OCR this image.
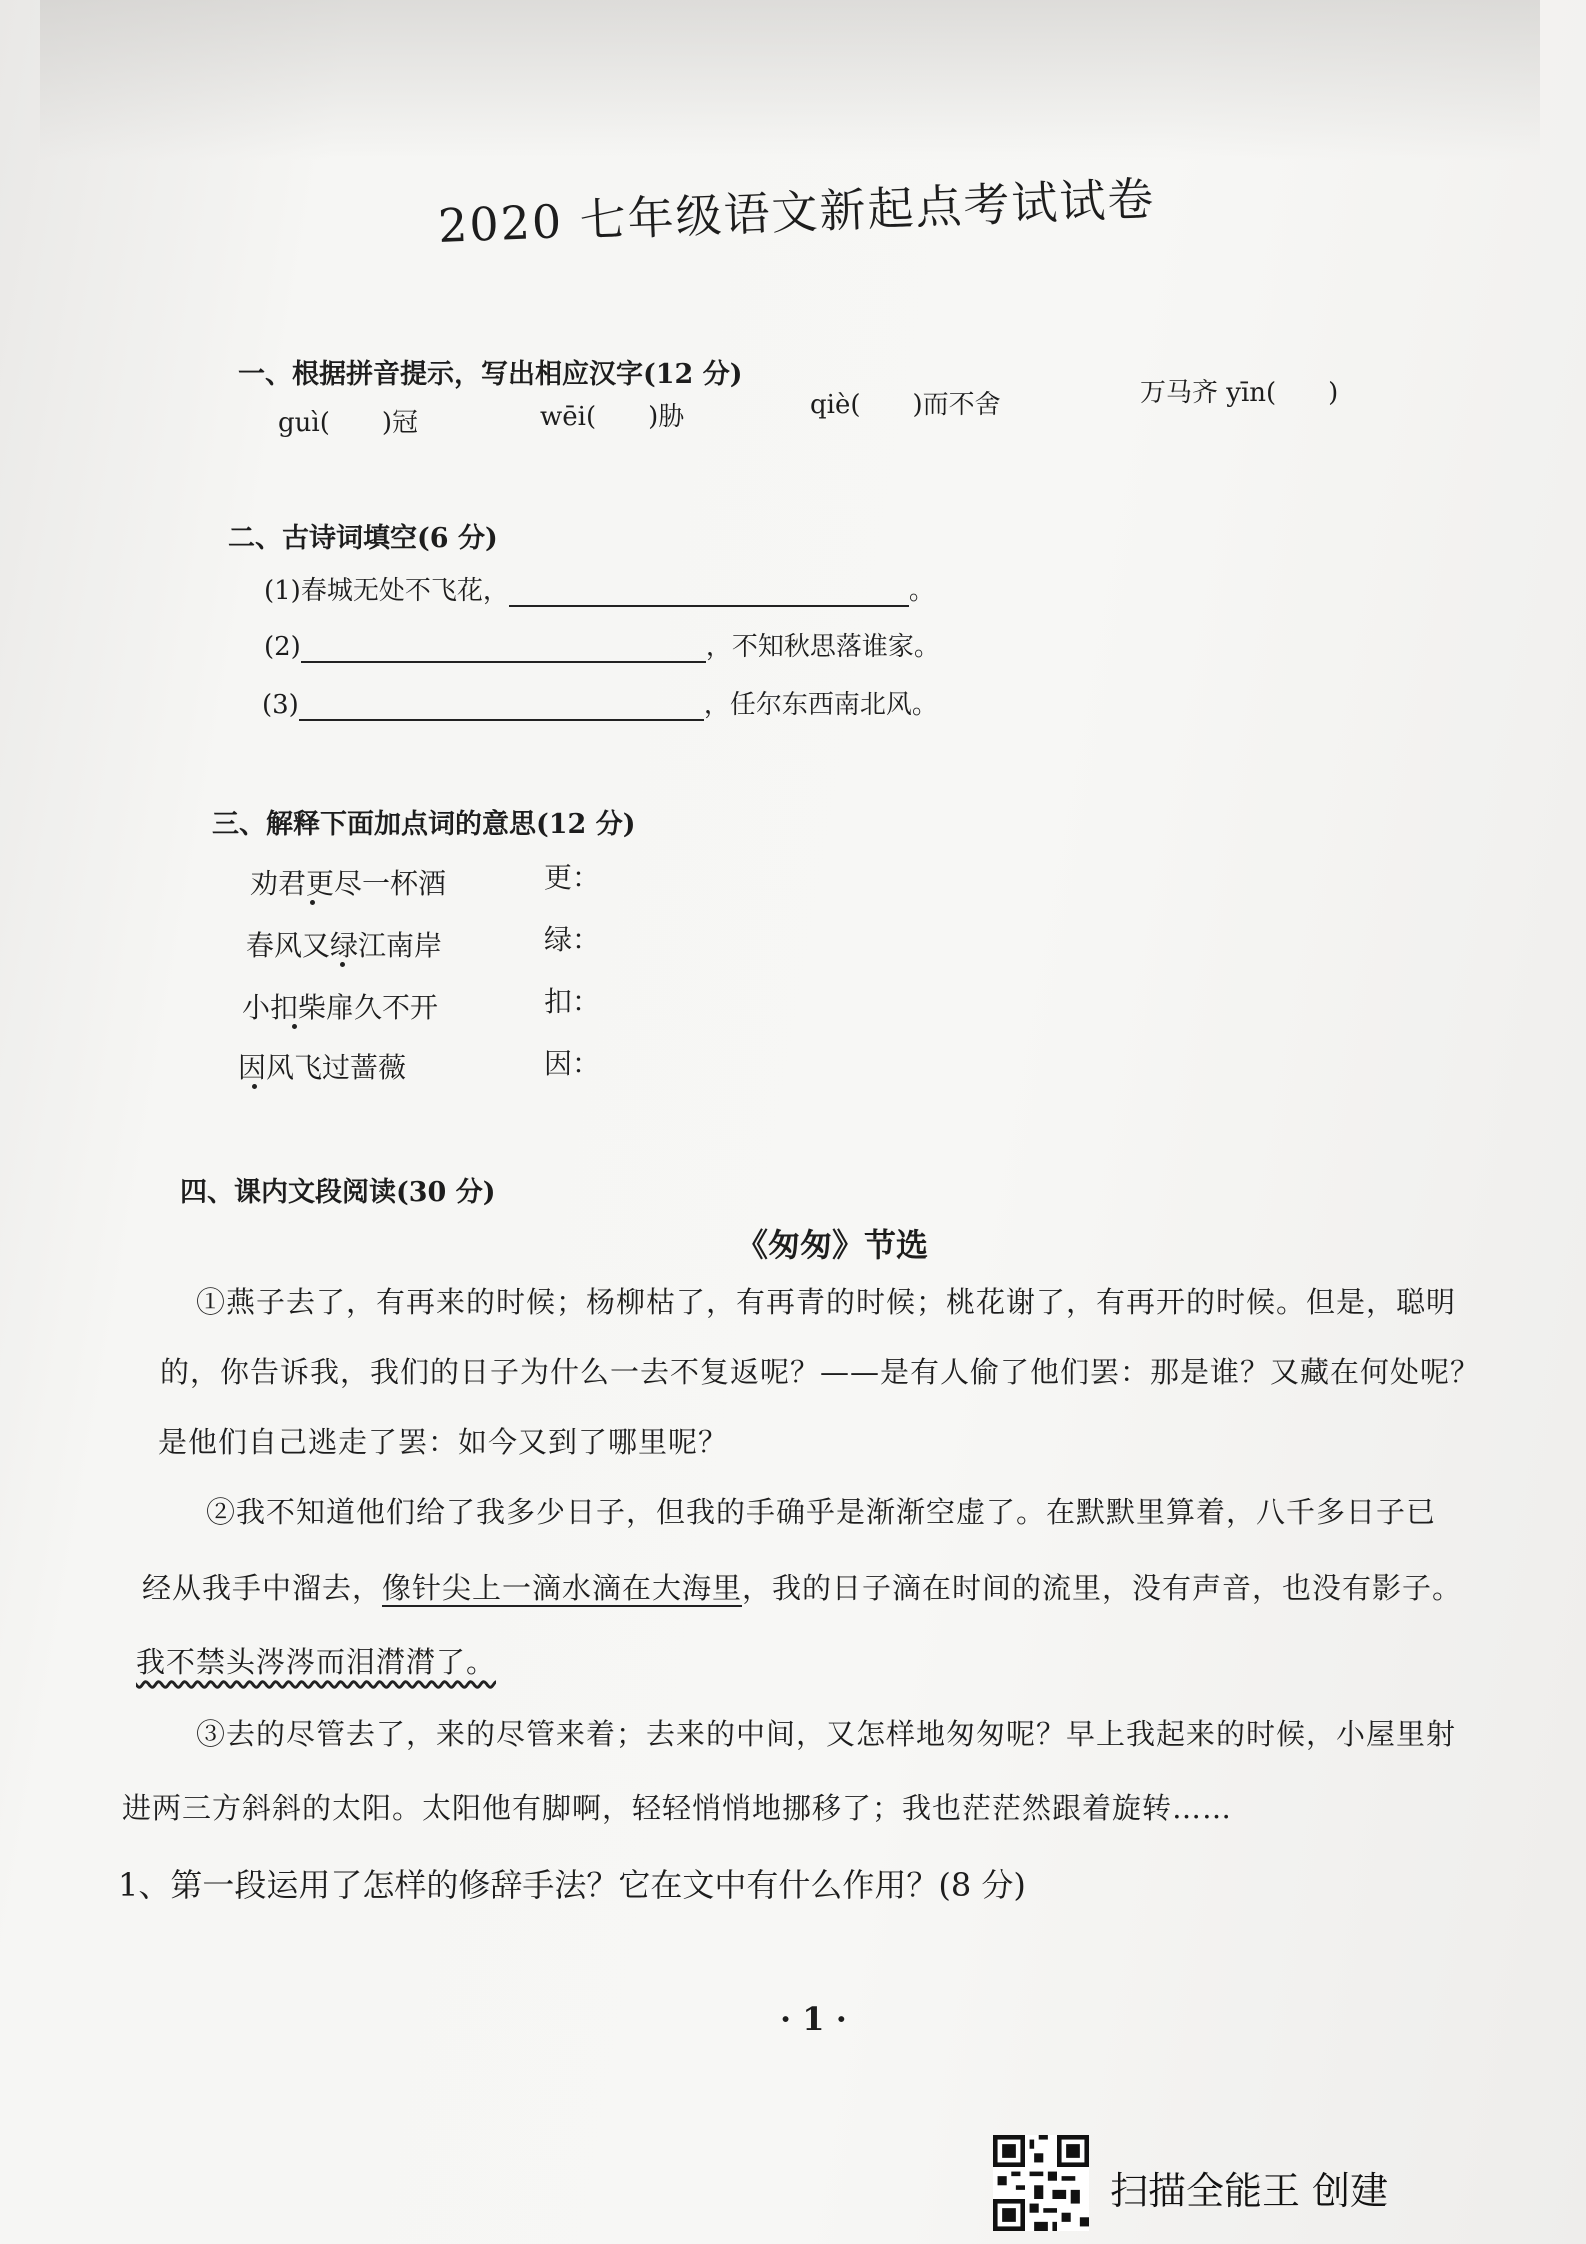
2020 七年级语文新起点考试试卷
一、根据拼音提示，写出相应汉字(12 分)
guì(　　)冠	wēi(　　)胁	qiè(　　)而不舍	万马齐 yīn(　　)
二、古诗词填空(6 分)
(1)春城无处不飞花，	。
(2)	，不知秋思落谁家。
(3)	，任尔东西南北风。
三、解释下面加点词的意思(12 分)
劝君更尽一杯酒	更：
春风又绿江南岸	绿：
小扣柴扉久不开	扣：
因风飞过蔷薇	因：
四、课内文段阅读(30 分)
《匆匆》节选
①燕子去了，有再来的时候；杨柳枯了，有再青的时候；桃花谢了，有再开的时候。但是，聪明
的，你告诉我，我们的日子为什么一去不复返呢？——是有人偷了他们罢：那是谁？又藏在何处呢？
是他们自己逃走了罢：如今又到了哪里呢？
②我不知道他们给了我多少日子，但我的手确乎是渐渐空虚了。在默默里算着，八千多日子已
经从我手中溜去，像针尖上一滴水滴在大海里，我的日子滴在时间的流里，没有声音，也没有影子。
我不禁头涔涔而泪潸潸了。
③去的尽管去了，来的尽管来着；去来的中间，又怎样地匆匆呢？早上我起来的时候，小屋里射
进两三方斜斜的太阳。太阳他有脚啊，轻轻悄悄地挪移了；我也茫茫然跟着旋转……
1、第一段运用了怎样的修辞手法？它在文中有什么作用？(8 分)
· 1 ·
扫描全能王 创建
